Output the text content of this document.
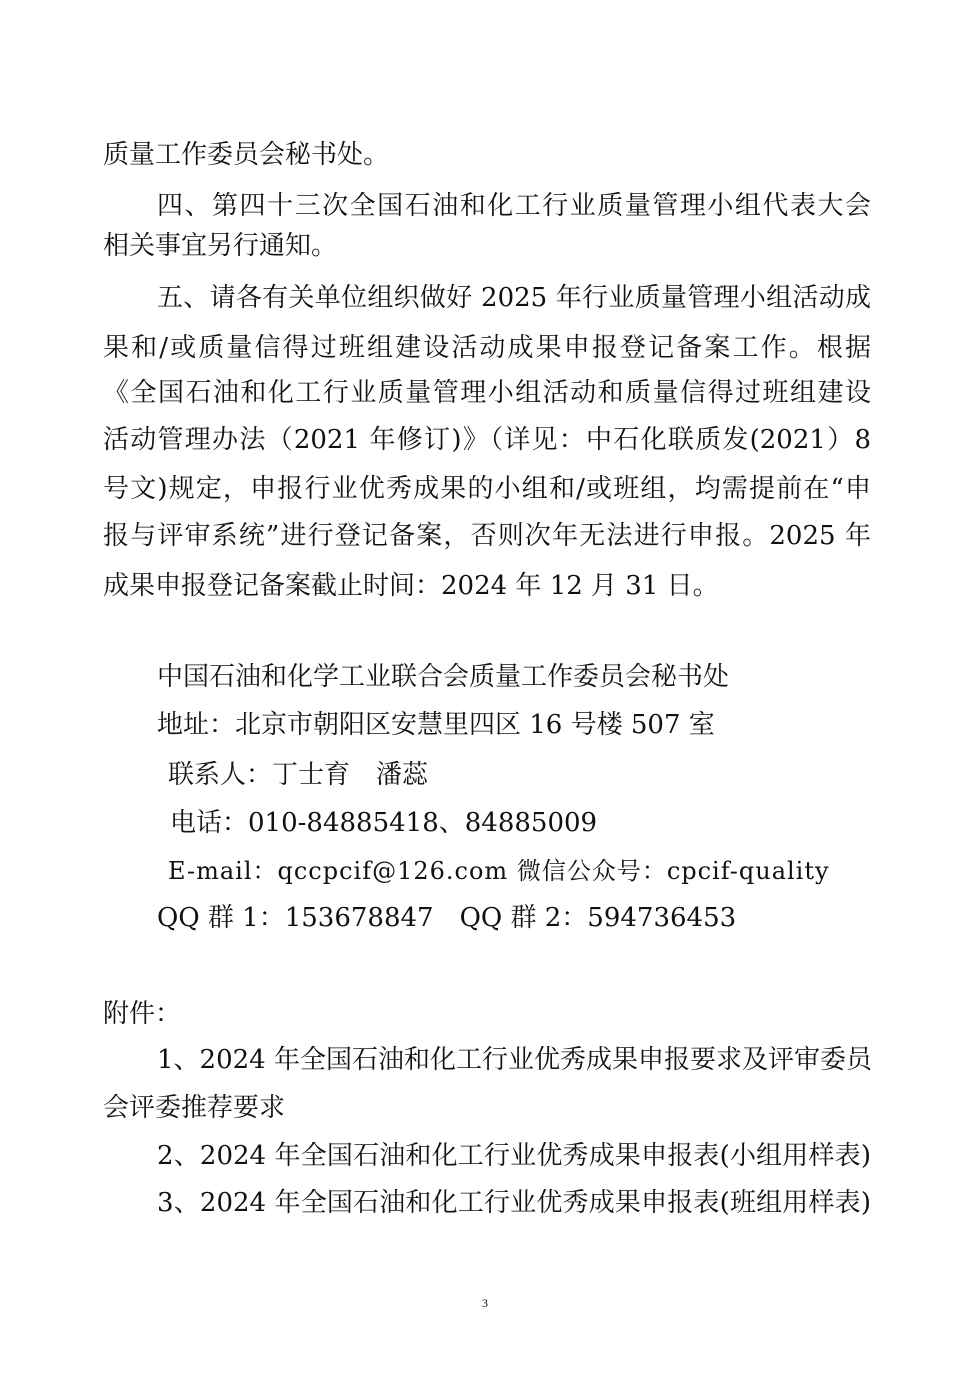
质量工作委员会秘书处。

四、第四十三次全国石油和化工行业质量管理小组代表大会

相关事宜另行通知。

五、请各有关单位组织做好 2025 年行业质量管理小组活动成

果和/或质量信得过班组建设活动成果申报登记备案工作。根据

《全国石油和化工行业质量管理小组活动和质量信得过班组建设

活动管理办法（2021 年修订)》（详见：中石化联质发(2021）8

号文)规定，申报行业优秀成果的小组和/或班组，均需提前在“申

报与评审系统”进行登记备案，否则次年无法进行申报。2025 年

成果申报登记备案截止时间：2024 年 12 月 31 日。

中国石油和化学工业联合会质量工作委员会秘书处

地址：北京市朝阳区安慧里四区 16 号楼 507 室

联系人：丁士育　潘蕊

电话：010-84885418、84885009

E-mail：qccpcif@126.com 微信公众号：cpcif-quality

QQ 群 1：153678847　QQ 群 2：594736453

附件：

1、2024 年全国石油和化工行业优秀成果申报要求及评审委员

会评委推荐要求

2、2024 年全国石油和化工行业优秀成果申报表(小组用样表)

3、2024 年全国石油和化工行业优秀成果申报表(班组用样表)

3
